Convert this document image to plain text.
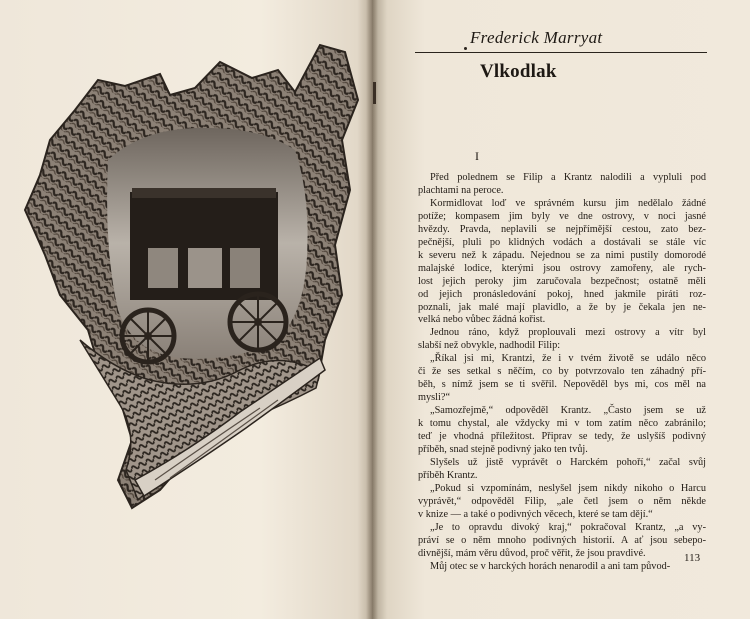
Frederick Marryat
Vlkodlak
I
Před polednem se Filip a Krantz nalodili a vypluli pod
plachtami na peroce.
Kormidlovat loď ve správném kursu jim nedělalo žádné
potíže; kompasem jim byly ve dne ostrovy, v noci jasné
hvězdy. Pravda, neplavili se nejpřímější cestou, zato bez-
pečnější, pluli po klidných vodách a dostávali se stále víc
k severu než k západu. Nejednou se za nimi pustily domorodé
malajské lodice, kterými jsou ostrovy zamořeny, ale rych-
lost jejich peroky jim zaručovala bezpečnost; ostatně měli
od jejich pronásledování pokoj, hned jakmile piráti roz-
poznali, jak malé mají plavidlo, a že by je čekala jen ne-
velká nebo vůbec žádná kořist.
Jednou ráno, když proplouvali mezi ostrovy a vítr byl
slabší než obvykle, nadhodil Filip:
„Říkal jsi mi, Krantzi, že i v tvém životě se událo něco
či že ses setkal s něčím, co by potvrzovalo ten záhadný pří-
běh, s nímž jsem se ti svěřil. Nepověděl bys mi, cos měl na
mysli?“
„Samozřejmě,“ odpověděl Krantz. „Často jsem se už
k tomu chystal, ale vždycky mi v tom zatím něco zabránilo;
teď je vhodná příležitost. Připrav se tedy, že uslyšíš podivný
příběh, snad stejně podivný jako ten tvůj.
Slyšels už jistě vyprávět o Harckém pohoří,“ začal svůj
příběh Krantz.
„Pokud si vzpomínám, neslyšel jsem nikdy nikoho o Harcu
vyprávět,“ odpověděl Filip, „ale četl jsem o něm někde
v knize — a také o podivných věcech, které se tam dějí.“
„Je to opravdu divoký kraj,“ pokračoval Krantz, „a vy-
práví se o něm mnoho podivných historií. A ať jsou sebepo-
divnější, mám věru důvod, proč věřit, že jsou pravdivé.
Můj otec se v harckých horách nenarodil a ani tam původ-
113
